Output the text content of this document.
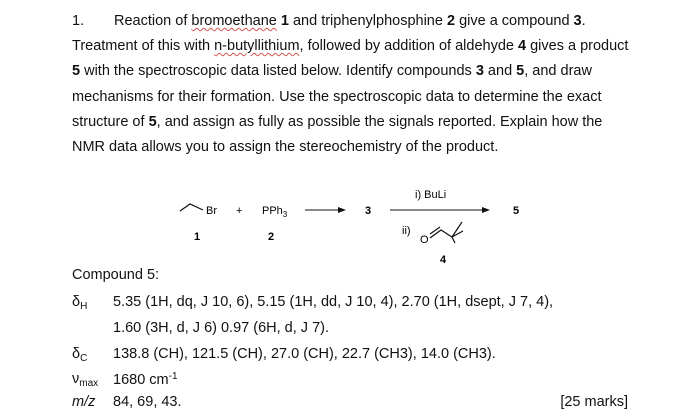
1. Reaction of bromoethane 1 and triphenylphosphine 2 give a compound 3. Treatment of this with n-butyllithium, followed by addition of aldehyde 4 gives a product 5 with the spectroscopic data listed below. Identify compounds 3 and 5, and draw mechanisms for their formation. Use the spectroscopic data to determine the exact structure of 5, and assign as fully as possible the signals reported. Explain how the NMR data allows you to assign the stereochemistry of the product.
Br + PPh$_3$	3
i) BuLi
ii)
O
5
1	2
4
Compound 5:
$\delta_H$ 5.35 (1H, dq, J 10, 6), 5.15 (1H, dd, J 10, 4), 2.70 (1H, dsept, J 7, 4),
1.60 (3H, d, J 6) 0.97 (6H, d, J 7).
$\delta_C$ 138.8 (CH), 121.5 (CH), 27.0 (CH), 22.7 (CH3), 14.0 (CH3).
$\nu_{max}$ 1680 $cm^{-1}$
m/z 84, 69, 43.	[25 marks]
